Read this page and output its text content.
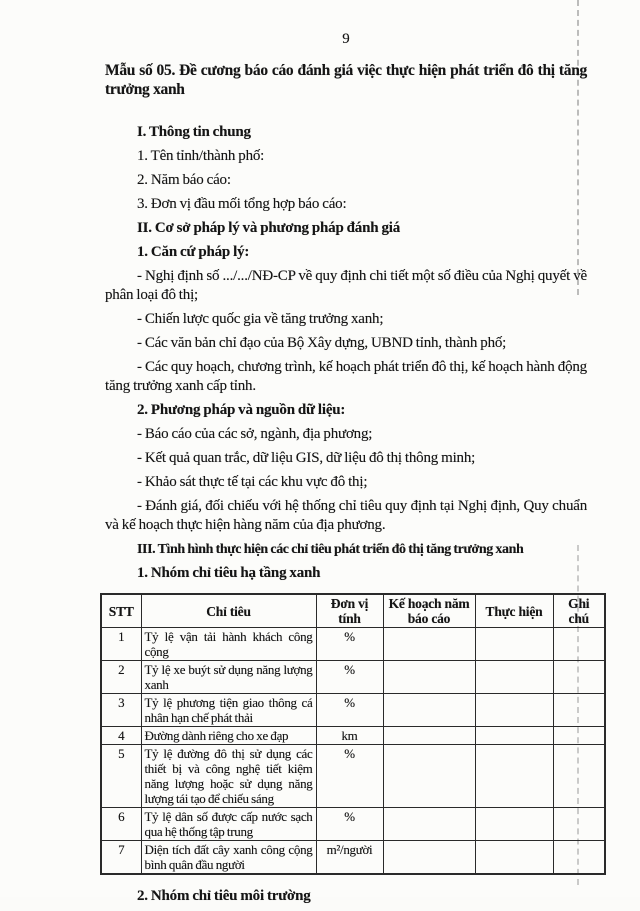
9
Mẫu số 05. Đề cương báo cáo đánh giá việc thực hiện phát triển đô thị tăng trưởng xanh

I. Thông tin chung

1. Tên tỉnh/thành phố:

2. Năm báo cáo:

3. Đơn vị đầu mối tổng hợp báo cáo:

II. Cơ sở pháp lý và phương pháp đánh giá

1. Căn cứ pháp lý:

- Nghị định số .../.../NĐ-CP về quy định chi tiết một số điều của Nghị quyết về phân loại đô thị;

- Chiến lược quốc gia về tăng trưởng xanh;

- Các văn bản chỉ đạo của Bộ Xây dựng, UBND tỉnh, thành phố;

- Các quy hoạch, chương trình, kế hoạch phát triển đô thị, kế hoạch hành động tăng trưởng xanh cấp tỉnh.

2. Phương pháp và nguồn dữ liệu:

- Báo cáo của các sở, ngành, địa phương;

- Kết quả quan trắc, dữ liệu GIS, dữ liệu đô thị thông minh;

- Khảo sát thực tế tại các khu vực đô thị;

- Đánh giá, đối chiếu với hệ thống chỉ tiêu quy định tại Nghị định, Quy chuẩn và kế hoạch thực hiện hàng năm của địa phương.

III. Tình hình thực hiện các chỉ tiêu phát triển đô thị tăng trưởng xanh

1. Nhóm chỉ tiêu hạ tầng xanh

STT	Chỉ tiêu	Đơn vị tính	Kế hoạch năm báo cáo	Thực hiện	Ghi chú
1	Tỷ lệ vận tải hành khách công cộng	%			
2	Tỷ lệ xe buýt sử dụng năng lượng xanh	%			
3	Tỷ lệ phương tiện giao thông cá nhân hạn chế phát thải	%			
4	Đường dành riêng cho xe đạp	km			
5	Tỷ lệ đường đô thị sử dụng các thiết bị và công nghệ tiết kiệm năng lượng hoặc sử dụng năng lượng tái tạo để chiếu sáng	%			
6	Tỷ lệ dân số được cấp nước sạch qua hệ thống tập trung	%			
7	Diện tích đất cây xanh công cộng bình quân đầu người	m²/người			

2. Nhóm chỉ tiêu môi trường
